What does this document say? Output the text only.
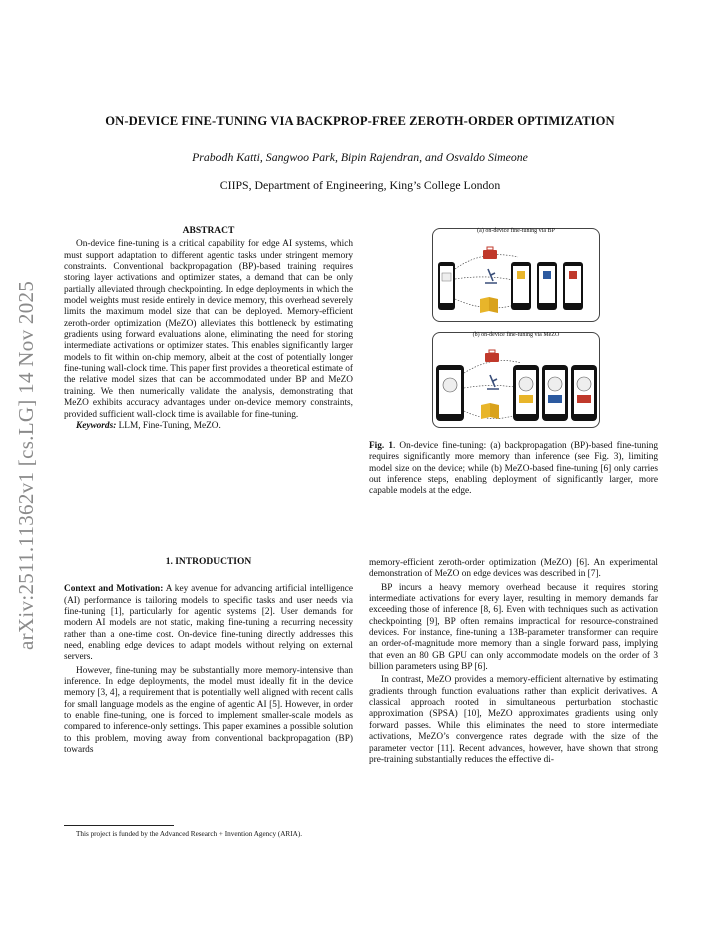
ON-DEVICE FINE-TUNING VIA BACKPROP-FREE ZEROTH-ORDER OPTIMIZATION
Prabodh Katti, Sangwoo Park, Bipin Rajendran, and Osvaldo Simeone
CIIPS, Department of Engineering, King’s College London
arXiv:2511.11362v1 [cs.LG] 14 Nov 2025
ABSTRACT

On-device fine-tuning is a critical capability for edge AI systems, which must support adaptation to different agentic tasks under stringent memory constraints. Conventional backpropagation (BP)-based training requires storing layer activations and optimizer states, a demand that can be only partially alleviated through checkpointing. In edge deployments in which the model weights must reside entirely in device memory, this overhead severely limits the maximum model size that can be deployed. Memory-efficient zeroth-order optimization (MeZO) alleviates this bottleneck by estimating gradients using forward evaluations alone, eliminating the need for storing intermediate activations or optimizer states. This enables significantly larger models to fit within on-chip memory, albeit at the cost of potentially longer fine-tuning wall-clock time. This paper first provides a theoretical estimate of the relative model sizes that can be accommodated under BP and MeZO training. We then numerically validate the analysis, demonstrating that MeZO exhibits accuracy advantages under on-device memory constraints, provided sufficient wall-clock time is available for fine-tuning.

Keywords: LLM, Fine-Tuning, MeZO.

1. INTRODUCTION

Context and Motivation: A key avenue for advancing artificial intelligence (AI) performance is tailoring models to specific tasks and user needs via fine-tuning [1], particularly for agentic systems [2]. User demands for modern AI models are not static, making fine-tuning a recurring necessity rather than a one-time cost. On-device fine-tuning directly addresses this need, enabling edge devices to adapt models without relying on external servers.

However, fine-tuning may be substantially more memory-intensive than inference. In edge deployments, the model must ideally fit in the device memory [3, 4], a requirement that is potentially well aligned with recent calls for small language models as the engine of agentic AI [5]. However, in order to enable fine-tuning, one is forced to implement smaller-scale models as compared to inference-only settings. This paper examines a possible solution to this problem, moving away from conventional backpropagation (BP) towards

This project is funded by the Advanced Research + Invention Agency (ARIA).

(a) on-device fine-tuning via BP
(b) on-device fine-tuning via MeZO

Fig. 1. On-device fine-tuning: (a) backpropagation (BP)-based fine-tuning requires significantly more memory than inference (see Fig. 3), limiting model size on the device; while (b) MeZO-based fine-tuning [6] only carries out inference steps, enabling deployment of significantly larger, more capable models at the edge.

memory-efficient zeroth-order optimization (MeZO) [6]. An experimental demonstration of MeZO on edge devices was described in [7].

BP incurs a heavy memory overhead because it requires storing intermediate activations for every layer, resulting in memory demands far exceeding those of inference [8, 6]. Even with techniques such as activation checkpointing [9], BP often remains impractical for resource-constrained devices. For instance, fine-tuning a 13B-parameter transformer can require an order-of-magnitude more memory than a single forward pass, implying that even an 80 GB GPU can only accommodate models on the order of 3 billion parameters using BP [6].

In contrast, MeZO provides a memory-efficient alternative by estimating gradients through function evaluations rather than explicit derivatives. A classical approach rooted in simultaneous perturbation stochastic approximation (SPSA) [10], MeZO approximates gradients using only forward passes. While this eliminates the need to store intermediate activations, MeZO’s convergence rates degrade with the size of the parameter vector [11]. Recent advances, however, have shown that strong pre-training substantially reduces the effective di-
